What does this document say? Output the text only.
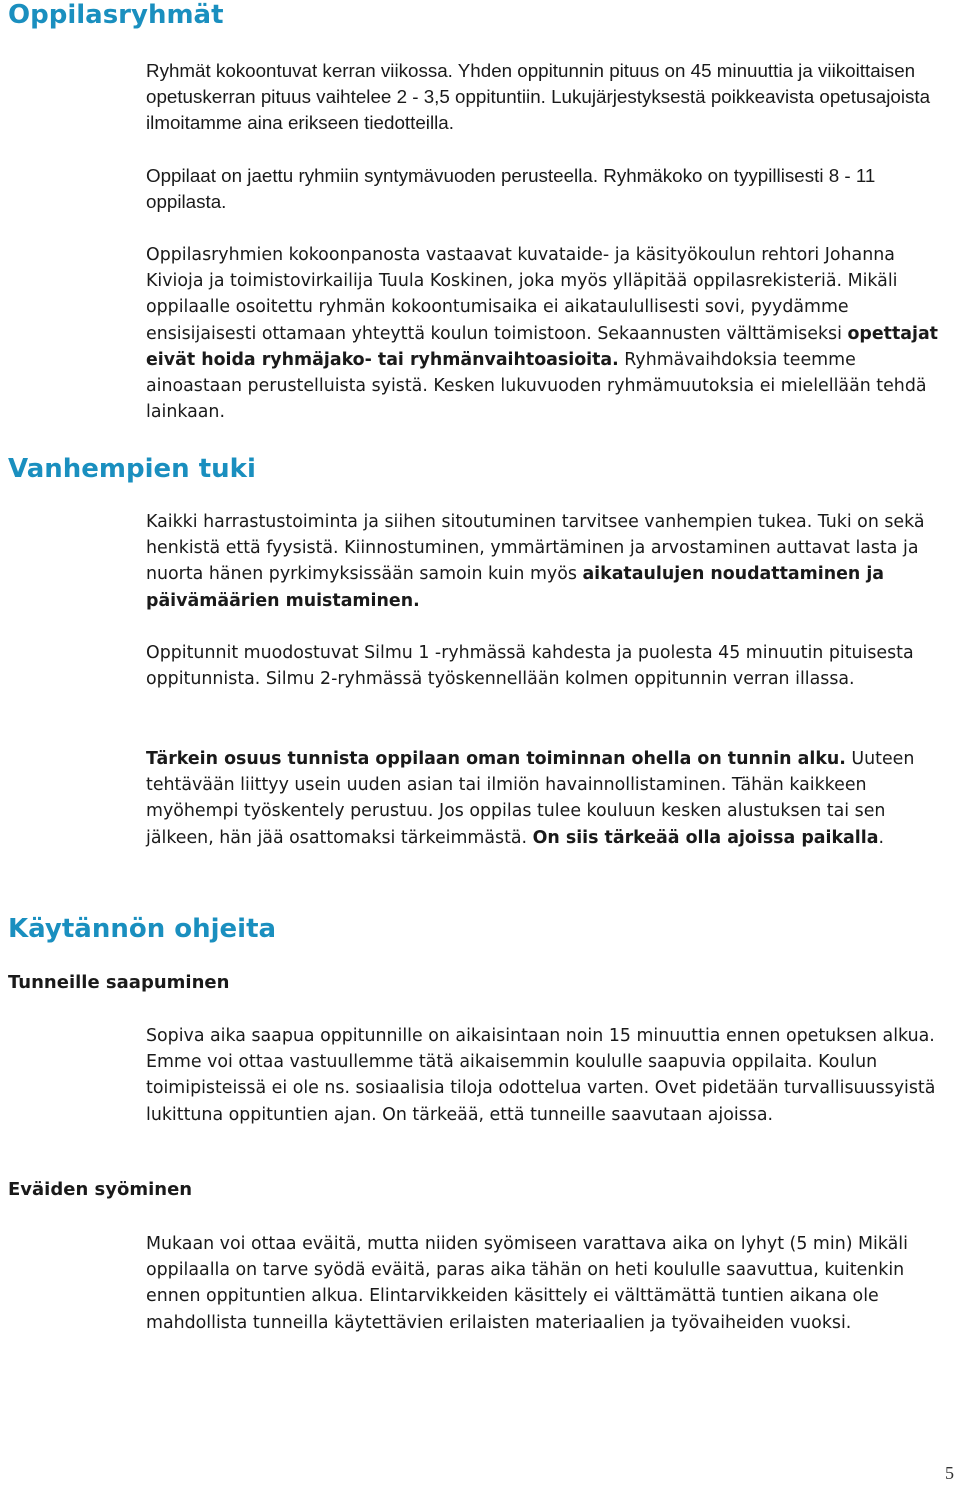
Oppilasryhmät

Ryhmät kokoontuvat kerran viikossa. Yhden oppitunnin pituus on 45 minuuttia ja viikoittaisen opetuskerran pituus vaihtelee 2 - 3,5 oppituntiin. Lukujärjestyksestä poikkeavista opetusajoista ilmoitamme aina erikseen tiedotteilla.

Oppilaat on jaettu ryhmiin syntymävuoden perusteella. Ryhmäkoko on tyypillisesti 8 - 11 oppilasta.

Oppilasryhmien kokoonpanosta vastaavat kuvataide- ja käsityökoulun rehtori Johanna Kivioja ja toimistovirkailija Tuula Koskinen, joka myös ylläpitää oppilasrekisteriä. Mikäli oppilaalle osoitettu ryhmän kokoontumisaika ei aikataulullisesti sovi, pyydämme ensisijaisesti ottamaan yhteyttä koulun toimistoon. Sekaannusten välttämiseksi opettajat eivät hoida ryhmäjako- tai ryhmänvaihtoasioita. Ryhmävaihdoksia teemme ainoastaan perustelluista syistä. Kesken lukuvuoden ryhmämuutoksia ei mielellään tehdä lainkaan.

Vanhempien tuki

Kaikki harrastustoiminta ja siihen sitoutuminen tarvitsee vanhempien tukea. Tuki on sekä henkistä että fyysistä. Kiinnostuminen, ymmärtäminen ja arvostaminen auttavat lasta ja nuorta hänen pyrkimyksissään samoin kuin myös aikataulujen noudattaminen ja päivämäärien muistaminen.

Oppitunnit muodostuvat Silmu 1 -ryhmässä kahdesta ja puolesta 45 minuutin pituisesta oppitunnista. Silmu 2-ryhmässä työskennellään kolmen oppitunnin verran illassa.

Tärkein osuus tunnista oppilaan oman toiminnan ohella on tunnin alku. Uuteen tehtävään liittyy usein uuden asian tai ilmiön havainnollistaminen. Tähän kaikkeen myöhempi työskentely perustuu. Jos oppilas tulee kouluun kesken alustuksen tai sen jälkeen, hän jää osattomaksi tärkeimmästä. On siis tärkeää olla ajoissa paikalla.

Käytännön ohjeita
Tunneille saapuminen

Sopiva aika saapua oppitunnille on aikaisintaan noin 15 minuuttia ennen opetuksen alkua. Emme voi ottaa vastuullemme tätä aikaisemmin koululle saapuvia oppilaita. Koulun toimipisteissä ei ole ns. sosiaalisia tiloja odottelua varten. Ovet pidetään turvallisuussyistä lukittuna oppituntien ajan. On tärkeää, että tunneille saavutaan ajoissa.

Eväiden syöminen

Mukaan voi ottaa eväitä, mutta niiden syömiseen varattava aika on lyhyt (5 min) Mikäli oppilaalla on tarve syödä eväitä, paras aika tähän on heti koululle saavuttua, kuitenkin ennen oppituntien alkua. Elintarvikkeiden käsittely ei välttämättä tuntien aikana ole mahdollista tunneilla käytettävien erilaisten materiaalien ja työvaiheiden vuoksi.

5
